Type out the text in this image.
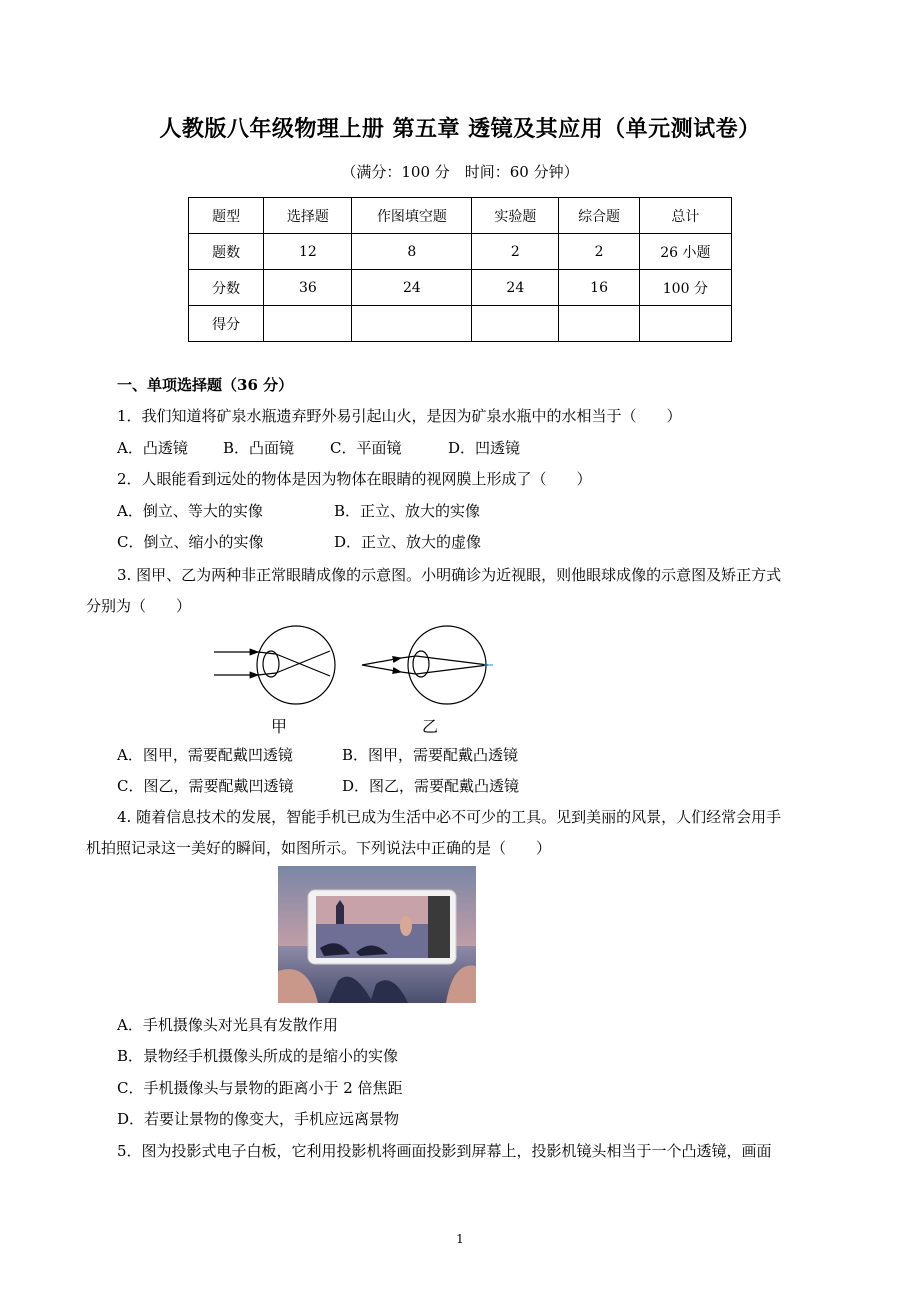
人教版八年级物理上册 第五章 透镜及其应用（单元测试卷）
（满分：100 分　时间：60 分钟）
题型	选择题	作图填空题	实验题	综合题	总计
题数	12	8	2	2	26 小题
分数	36	24	24	16	100 分
得分					
一、单项选择题（36 分）
1．我们知道将矿泉水瓶遗弃野外易引起山火，是因为矿泉水瓶中的水相当于（　　）
A．凸透镜 B．凸面镜 C．平面镜	D．凹透镜
2．人眼能看到远处的物体是因为物体在眼睛的视网膜上形成了（　　）
A．倒立、等大的实像	B．正立、放大的实像
C．倒立、缩小的实像	D．正立、放大的虚像
3. 图甲、乙为两种非正常眼睛成像的示意图。小明确诊为近视眼，则他眼球成像的示意图及矫正方式
分别为（　　）
甲	乙
A．图甲，需要配戴凹透镜	B．图甲，需要配戴凸透镜
C．图乙，需要配戴凹透镜	D．图乙，需要配戴凸透镜
4. 随着信息技术的发展，智能手机已成为生活中必不可少的工具。见到美丽的风景，人们经常会用手
机拍照记录这一美好的瞬间，如图所示。下列说法中正确的是（　　）
A．手机摄像头对光具有发散作用
B．景物经手机摄像头所成的是缩小的实像
C．手机摄像头与景物的距离小于 2 倍焦距
D．若要让景物的像变大，手机应远离景物
5．图为投影式电子白板，它利用投影机将画面投影到屏幕上，投影机镜头相当于一个凸透镜，画面
1
